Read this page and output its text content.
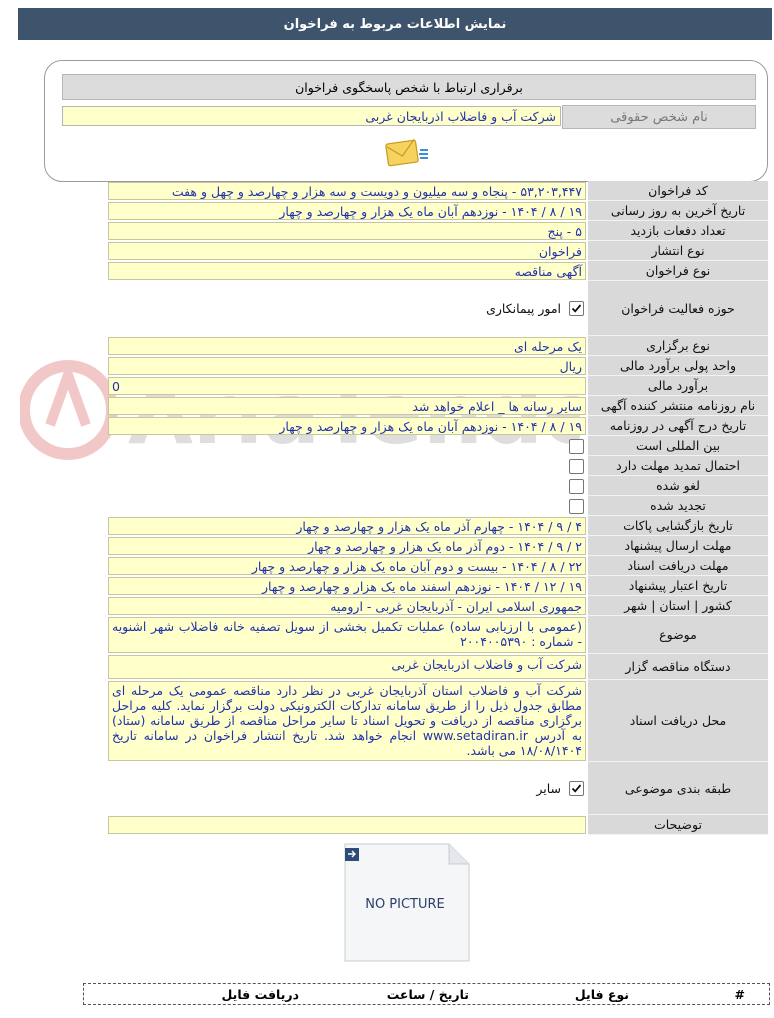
نمایش اطلاعات مربوط به فراخوان
برقراری ارتباط با شخص پاسخگوی فراخوان
نام شخص حقوقی
شرکت آب و فاضلاب اذربایجان غربی
کد فراخوان
۵۳,۲۰۳,۴۴۷ - پنجاه و سه میلیون و دویست و سه هزار و چهارصد و چهل و هفت
تاریخ آخرین به روز رسانی
۱۹ / ۸ / ۱۴۰۴ - نوزدهم آبان ماه یک هزار و چهارصد و چهار
تعداد دفعات بازدید
۵ - پنج
نوع انتشار
فراخوان
نوع فراخوان
آگهی مناقصه
حوزه فعالیت فراخوان
امور پیمانکاری
نوع برگزاری
یک مرحله ای
واحد پولی برآورد مالی
ریال
برآورد مالی
0
نام روزنامه منتشر کننده آگهی
سایر رسانه ها _ اعلام خواهد شد
تاریخ درج آگهی در روزنامه
۱۹ / ۸ / ۱۴۰۴ - نوزدهم آبان ماه یک هزار و چهارصد و چهار
بین المللی است
احتمال تمدید مهلت دارد
لغو شده
تجدید شده
تاریخ بازگشایی پاکات
۴ / ۹ / ۱۴۰۴ - چهارم آذر ماه یک هزار و چهارصد و چهار
مهلت ارسال پیشنهاد
۲ / ۹ / ۱۴۰۴ - دوم آذر ماه یک هزار و چهارصد و چهار
مهلت دریافت اسناد
۲۲ / ۸ / ۱۴۰۴ - بیست و دوم آبان ماه یک هزار و چهارصد و چهار
تاریخ اعتبار پیشنهاد
۱۹ / ۱۲ / ۱۴۰۴ - نوزدهم اسفند ماه یک هزار و چهارصد و چهار
کشور | استان | شهر
جمهوری اسلامی ایران - آذربایجان غربی - ارومیه
موضوع
(عمومی با ارزیابی ساده) عملیات تکمیل بخشی از سویل تصفیه خانه فاضلاب شهر اشنویه - شماره : ۲۰۰۴۰۰۵۳۹۰
دستگاه مناقصه گزار
شرکت آب و فاضلاب اذربایجان غربی
محل دریافت اسناد
شرکت آب و فاضلاب استان آذربایجان غربی در نظر دارد مناقصه عمومی یک مرحله ای مطابق جدول ذیل را از طریق سامانه تدارکات الکترونیکی دولت برگزار نماید. کلیه مراحل برگزاری مناقصه از دریافت و تحویل اسناد تا سایر مراحل مناقصه از طریق سامانه (ستاد) به آدرس www.setadiran.ir انجام خواهد شد. تاریخ انتشار فراخوان در سامانه تاریخ ۱۸/۰۸/۱۴۰۴ می باشد.
طبقه بندی موضوعی
سایر
توضیحات
NO PICTURE
#
نوع فایل
تاریخ / ساعت
دریافت فایل
